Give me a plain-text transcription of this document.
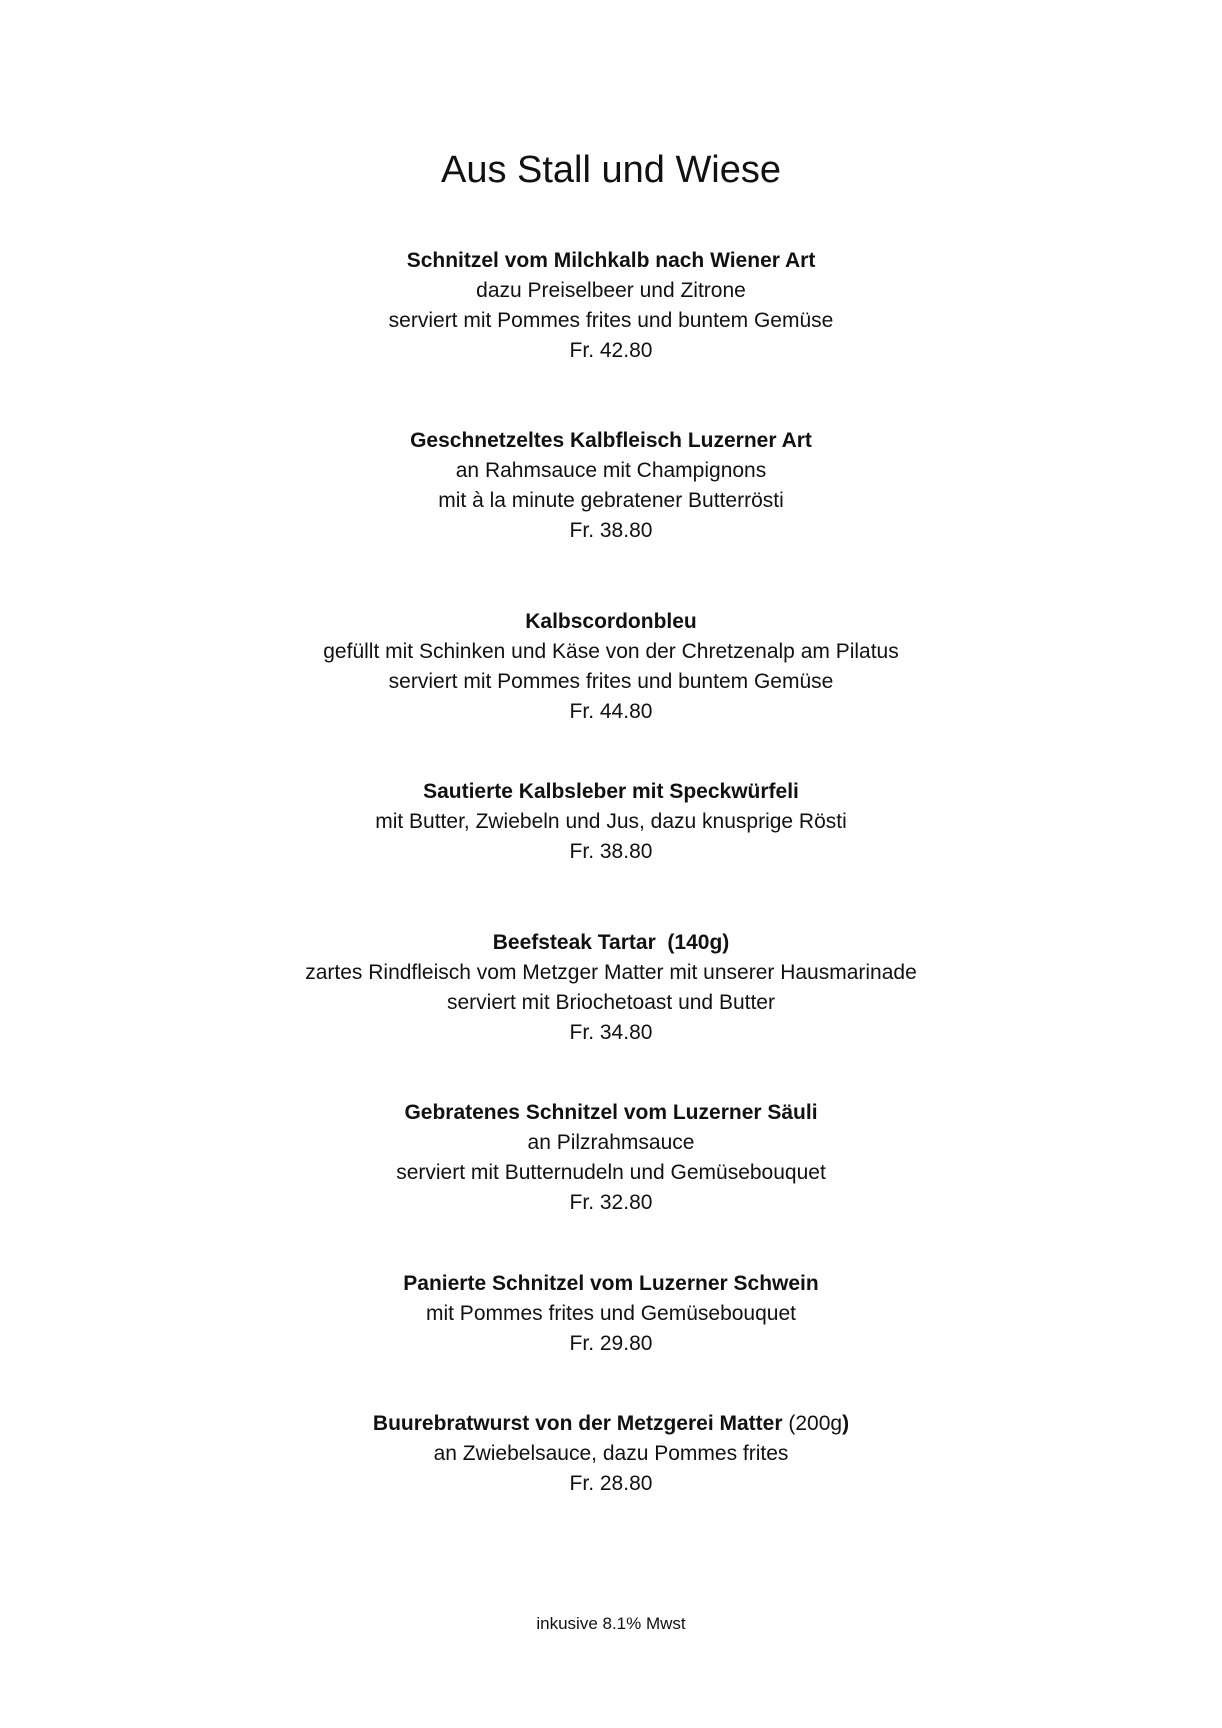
Aus Stall und Wiese
Schnitzel vom Milchkalb nach Wiener Art
dazu Preiselbeer und Zitrone
serviert mit Pommes frites und buntem Gemüse
Fr. 42.80
Geschnetzeltes Kalbfleisch Luzerner Art
an Rahmsauce mit Champignons
mit à la minute gebratener Butterrösti
Fr. 38.80
Kalbscordonbleu
gefüllt mit Schinken und Käse von der Chretzenalp am Pilatus
serviert mit Pommes frites und buntem Gemüse
Fr. 44.80
Sautierte Kalbsleber mit Speckwürfeli
mit Butter, Zwiebeln und Jus, dazu knusprige Rösti
Fr. 38.80
Beefsteak Tartar  (140g)
zartes Rindfleisch vom Metzger Matter mit unserer Hausmarinade
serviert mit Briochetoast und Butter
Fr. 34.80
Gebratenes Schnitzel vom Luzerner Säuli
an Pilzrahmsauce
serviert mit Butternudeln und Gemüsebouquet
Fr. 32.80
Panierte Schnitzel vom Luzerner Schwein
mit Pommes frites und Gemüsebouquet
Fr. 29.80
Buurebratwurst von der Metzgerei Matter (200g)
an Zwiebelsauce, dazu Pommes frites
Fr. 28.80
inkusive 8.1% Mwst
